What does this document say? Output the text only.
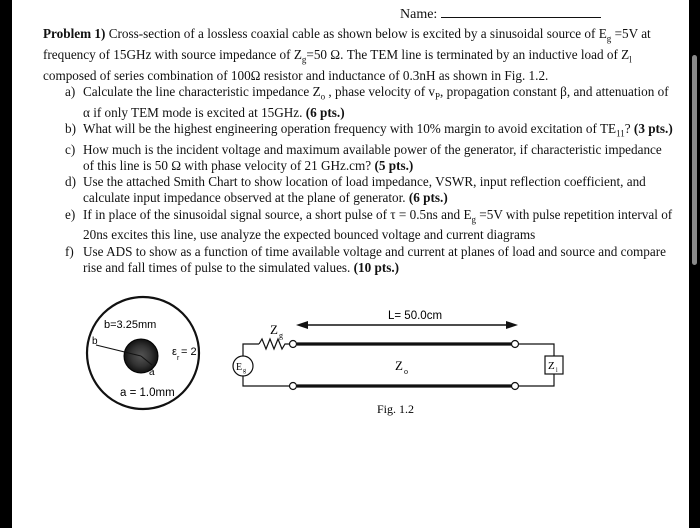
Name:

Problem 1) Cross-section of a lossless coaxial cable as shown below is excited by a sinusoidal source of $E_g =5V$ at frequency of 15GHz with source impedance of $Z_g=50$ Ω. The TEM line is terminated by an inductive load of $Z_l$ composed of series combination of 100Ω resistor and inductance of 0.3nH as shown in Fig. 1.2.

a) Calculate the line characteristic impedance $Z_o$ , phase velocity of $v_P$, propagation constant β, and attenuation of α if only TEM mode is excited at 15GHz. (6 pts.)
b) What will be the highest engineering operation frequency with 10% margin to avoid excitation of $TE_{11}$? (3 pts.)
c) How much is the incident voltage and maximum available power of the generator, if characteristic impedance of this line is 50 Ω with phase velocity of 21 GHz.cm? (5 pts.)
d) Use the attached Smith Chart to show location of load impedance, VSWR, input reflection coefficient, and calculate input impedance observed at the plane of generator. (6 pts.)
e) If in place of the sinusoidal signal source, a short pulse of τ = 0.5ns and $E_g =5V$ with pulse repetition interval of 20ns excites this line, use analyze the expected bounced voltage and current diagrams
f) Use ADS to show as a function of time available voltage and current at planes of load and source and compare rise and fall times of pulse to the simulated values. (10 pts.)
b=3.25mm
b
a
ε
r
= 2
a = 1.0mm
L= 50.0cm
Z g
E g	Z o	Z l
Fig. 1.2
